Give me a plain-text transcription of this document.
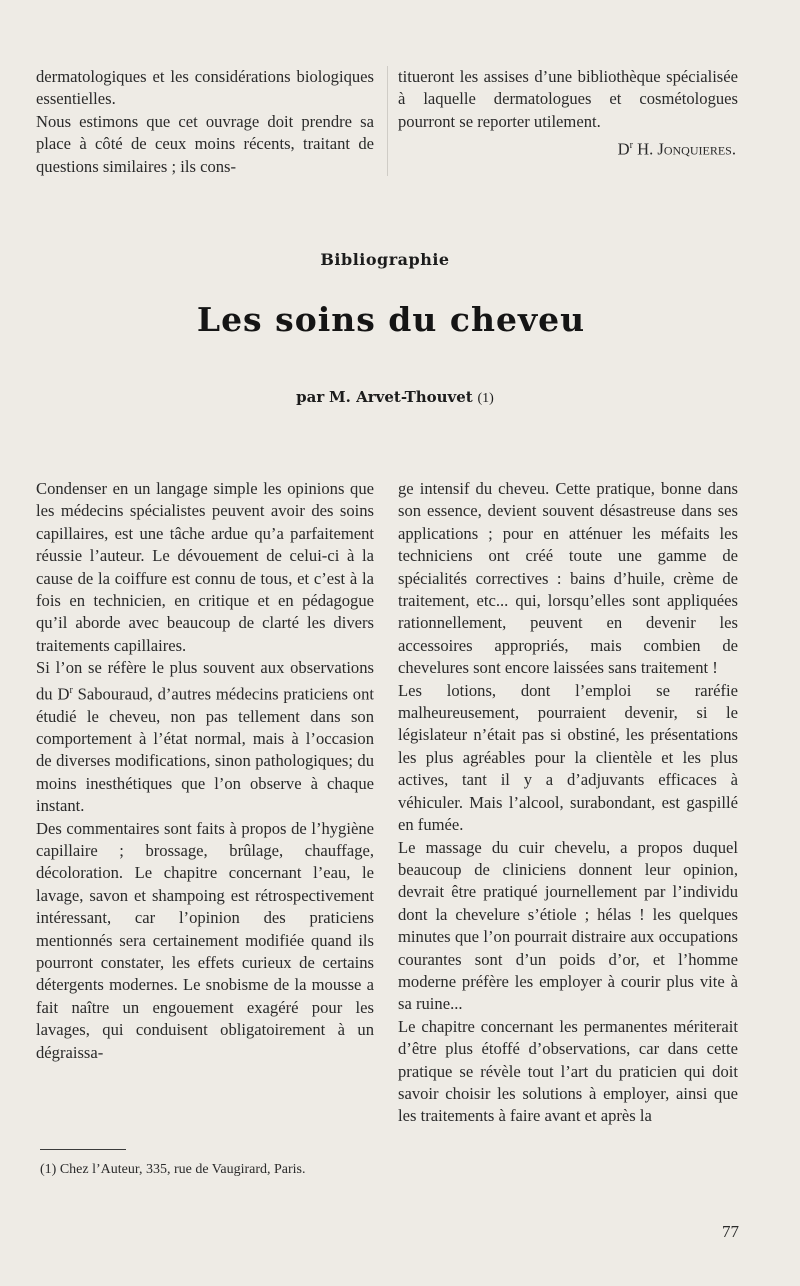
dermatologiques et les considérations biologiques essentielles.

Nous estimons que cet ouvrage doit prendre sa place à côté de ceux moins récents, traitant de questions similaires ; ils cons-

titueront les assises d’une bibliothèque spécialisée à laquelle dermatologues et cosmétologues pourront se reporter utilement.

$D^r$ H. Jonquieres.

Bibliographie
Les soins du cheveu
par M. Arvet-Thouvet (1)

Condenser en un langage simple les opinions que les médecins spécialistes peuvent avoir des soins capillaires, est une tâche ardue qu’a parfaitement réussie l’auteur. Le dévouement de celui-ci à la cause de la coiffure est connu de tous, et c’est à la fois en technicien, en critique et en pédagogue qu’il aborde avec beaucoup de clarté les divers traitements capillaires.

Si l’on se réfère le plus souvent aux observations du $D^r$ Sabouraud, d’autres médecins praticiens ont étudié le cheveu, non pas tellement dans son comportement à l’état normal, mais à l’occasion de diverses modifications, sinon pathologiques; du moins inesthétiques que l’on observe à chaque instant.

Des commentaires sont faits à propos de l’hygiène capillaire ; brossage, brûlage, chauffage, décoloration. Le chapitre concernant l’eau, le lavage, savon et shampoing est rétrospectivement intéressant, car l’opinion des praticiens mentionnés sera certainement modifiée quand ils pourront constater, les effets curieux de certains détergents modernes. Le snobisme de la mousse a fait naître un engouement exagéré pour les lavages, qui conduisent obligatoirement à un dégraissa-

ge intensif du cheveu. Cette pratique, bonne dans son essence, devient souvent désastreuse dans ses applications ; pour en atténuer les méfaits les techniciens ont créé toute une gamme de spécialités correctives : bains d’huile, crème de traitement, etc... qui, lorsqu’elles sont appliquées rationnellement, peuvent en devenir les accessoires appropriés, mais combien de chevelures sont encore laissées sans traitement !

Les lotions, dont l’emploi se raréfie malheureusement, pourraient devenir, si le législateur n’était pas si obstiné, les présentations les plus agréables pour la clientèle et les plus actives, tant il y a d’adjuvants efficaces à véhiculer. Mais l’alcool, surabondant, est gaspillé en fumée.

Le massage du cuir chevelu, a propos duquel beaucoup de cliniciens donnent leur opinion, devrait être pratiqué journellement par l’individu dont la chevelure s’étiole ; hélas ! les quelques minutes que l’on pourrait distraire aux occupations courantes sont d’un poids d’or, et l’homme moderne préfère les employer à courir plus vite à sa ruine...

Le chapitre concernant les permanentes mériterait d’être plus étoffé d’observations, car dans cette pratique se révèle tout l’art du praticien qui doit savoir choisir les solutions à employer, ainsi que les traitements à faire avant et après la

(1) Chez l’Auteur, 335, rue de Vaugirard, Paris.
77
